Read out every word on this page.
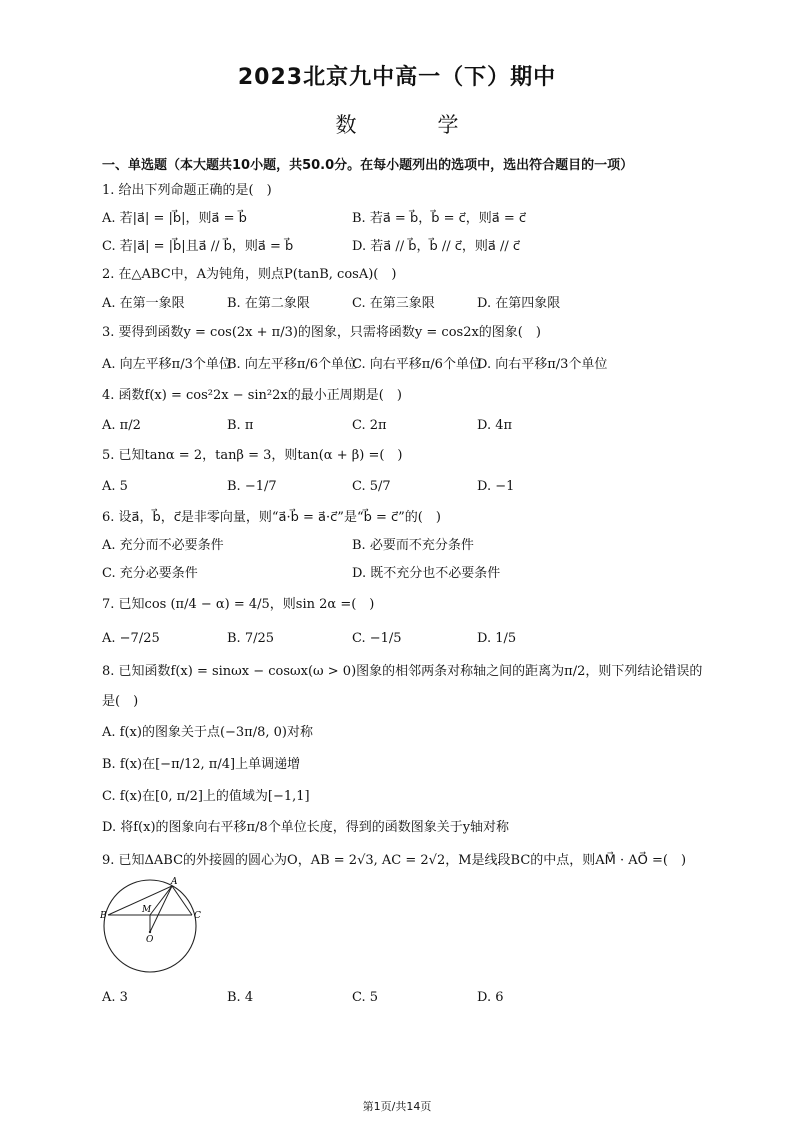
2023北京九中高一（下）期中
数　学
一、单选题（本大题共10小题，共50.0分。在每小题列出的选项中，选出符合题目的一项）
1. 给出下列命题正确的是(　)
A. 若|a⃗| = |b⃗|，则a⃗ = b⃗	B. 若a⃗ = b⃗，b⃗ = c⃗，则a⃗ = c⃗
C. 若|a⃗| = |b⃗|且a⃗ // b⃗，则a⃗ = b⃗	D. 若a⃗ // b⃗，b⃗ // c⃗，则a⃗ // c⃗
2. 在△ABC中，A为钝角，则点P(tanB, cosA)(　)
A. 在第一象限	B. 在第二象限	C. 在第三象限	D. 在第四象限
3. 要得到函数y = cos(2x + π/3)的图象，只需将函数y = cos2x的图象(　)
A. 向左平移π/3个单位
B. 向左平移π/6个单位
C. 向右平移π/6个单位
D. 向右平移π/3个单位
4. 函数f(x) = cos²2x − sin²2x的最小正周期是(　)
A. π/2	B. π	C. 2π	D. 4π
5. 已知tanα = 2，tanβ = 3，则tan(α + β) =(　)
A. 5	B. −1/7	C. 5/7	D. −1
6. 设a⃗，b⃗，c⃗是非零向量，则“a⃗·b⃗ = a⃗·c⃗”是“b⃗ = c⃗”的(　)
A. 充分而不必要条件	B. 必要而不充分条件
C. 充分必要条件	D. 既不充分也不必要条件
7. 已知cos (π/4 − α) = 4/5，则sin 2α =(　)
A. −7/25	B. 7/25	C. −1/5	D. 1/5
8. 已知函数f(x) = sinωx − cosωx(ω > 0)图象的相邻两条对称轴之间的距离为π/2，则下列结论错误的
是(　)
A. f(x)的图象关于点(−3π/8, 0)对称
B. f(x)在[−π/12, π/4]上单调递增
C. f(x)在[0, π/2]上的值域为[−1,1]
D. 将f(x)的图象向右平移π/8个单位长度，得到的函数图象关于y轴对称
9. 已知ΔABC的外接圆的圆心为O，AB = 2√3, AC = 2√2，M是线段BC的中点，则AM⃗ · AO⃗ =(　)
A
B	C
M
O
A. 3	B. 4	C. 5	D. 6
第1页/共14页
